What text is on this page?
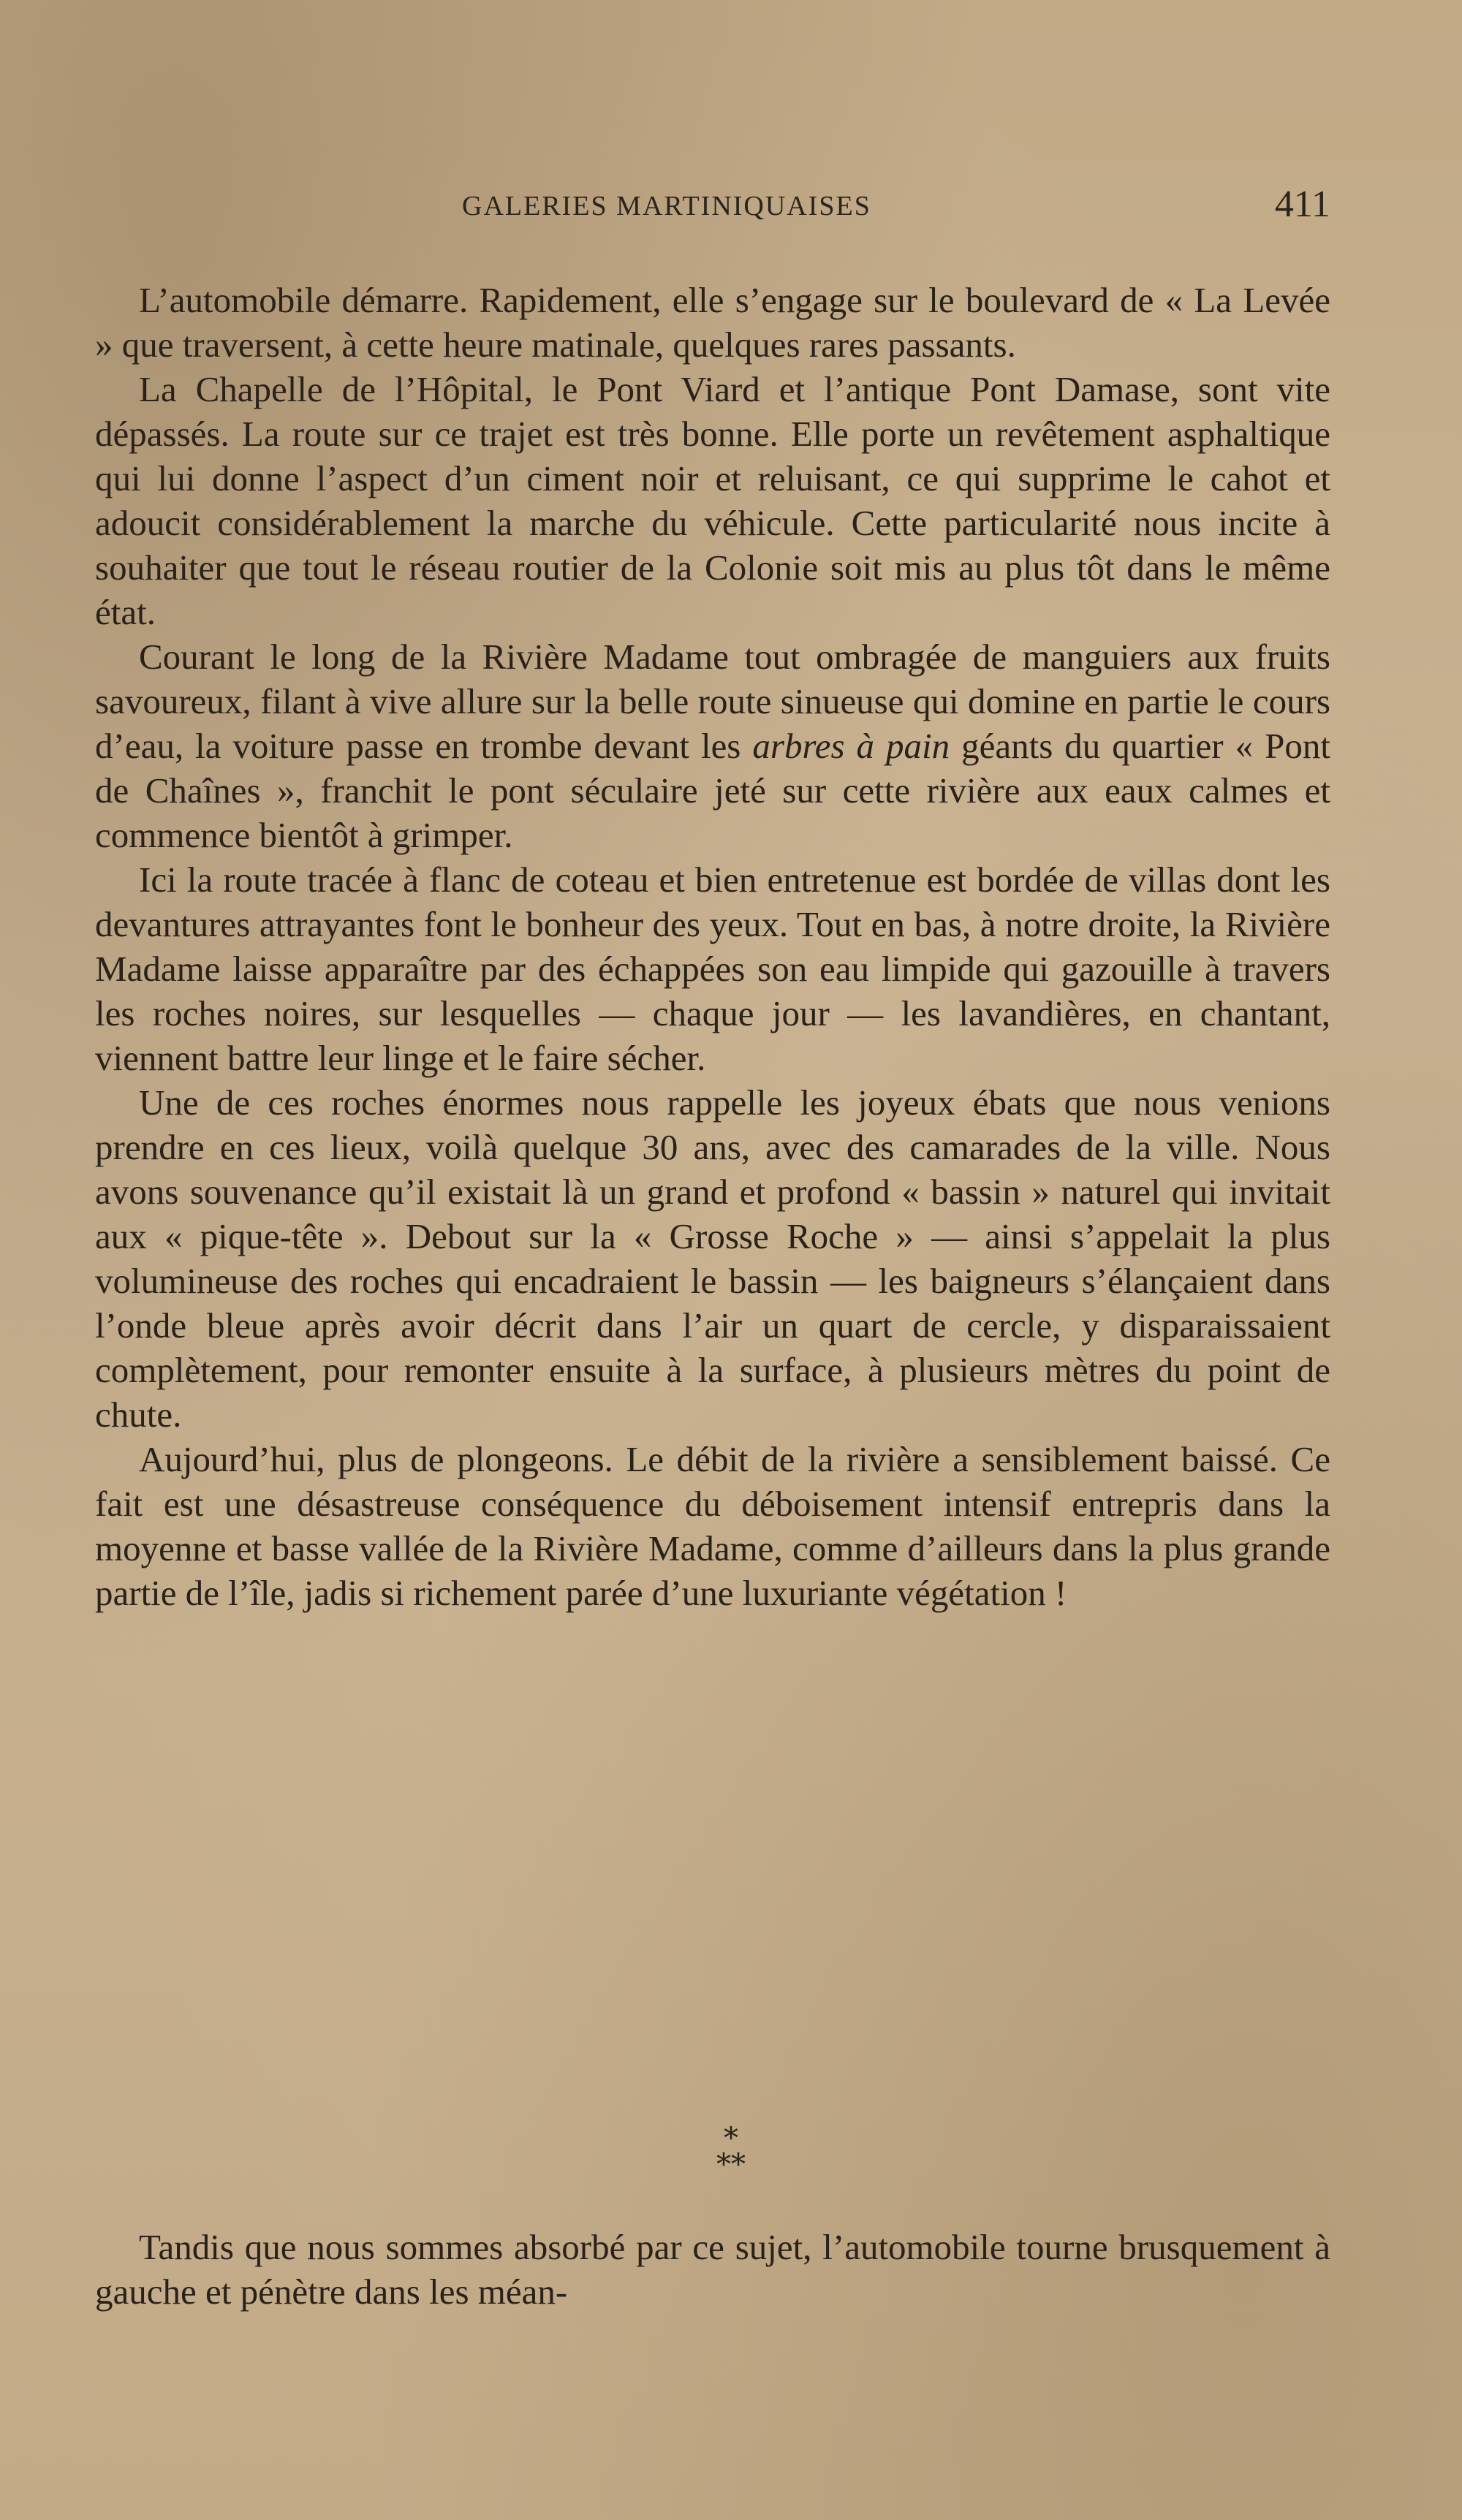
GALERIES MARTINIQUAISES	411

L’automobile démarre. Rapidement, elle s’engage sur le boulevard de « La Levée » que traversent, à cette heure matinale, quelques rares passants.

La Chapelle de l’Hôpital, le Pont Viard et l’antique Pont Damase, sont vite dépassés. La route sur ce trajet est très bonne. Elle porte un revêtement asphaltique qui lui donne l’aspect d’un ciment noir et reluisant, ce qui supprime le cahot et adoucit considérablement la marche du véhicule. Cette particularité nous incite à souhaiter que tout le réseau routier de la Colonie soit mis au plus tôt dans le même état.

Courant le long de la Rivière Madame tout ombragée de manguiers aux fruits savoureux, filant à vive allure sur la belle route sinueuse qui domine en partie le cours d’eau, la voiture passe en trombe devant les arbres à pain géants du quartier « Pont de Chaînes », franchit le pont séculaire jeté sur cette rivière aux eaux calmes et commence bientôt à grimper.

Ici la route tracée à flanc de coteau et bien entretenue est bordée de villas dont les devantures attrayantes font le bonheur des yeux. Tout en bas, à notre droite, la Rivière Madame laisse apparaître par des échappées son eau limpide qui gazouille à travers les roches noires, sur lesquelles — chaque jour — les lavandières, en chantant, viennent battre leur linge et le faire sécher.

Une de ces roches énormes nous rappelle les joyeux ébats que nous venions prendre en ces lieux, voilà quelque 30 ans, avec des camarades de la ville. Nous avons souvenance qu’il existait là un grand et profond « bassin » naturel qui invitait aux « pique-tête ». Debout sur la « Grosse Roche » — ainsi s’appelait la plus volumineuse des roches qui encadraient le bassin — les baigneurs s’élançaient dans l’onde bleue après avoir décrit dans l’air un quart de cercle, y disparaissaient complètement, pour remonter ensuite à la surface, à plusieurs mètres du point de chute.

Aujourd’hui, plus de plongeons. Le débit de la rivière a sensiblement baissé. Ce fait est une désastreuse conséquence du déboisement intensif entrepris dans la moyenne et basse vallée de la Rivière Madame, comme d’ailleurs dans la plus grande partie de l’île, jadis si richement parée d’une luxuriante végétation !

*
**

Tandis que nous sommes absorbé par ce sujet, l’automobile tourne brusquement à gauche et pénètre dans les méan-
